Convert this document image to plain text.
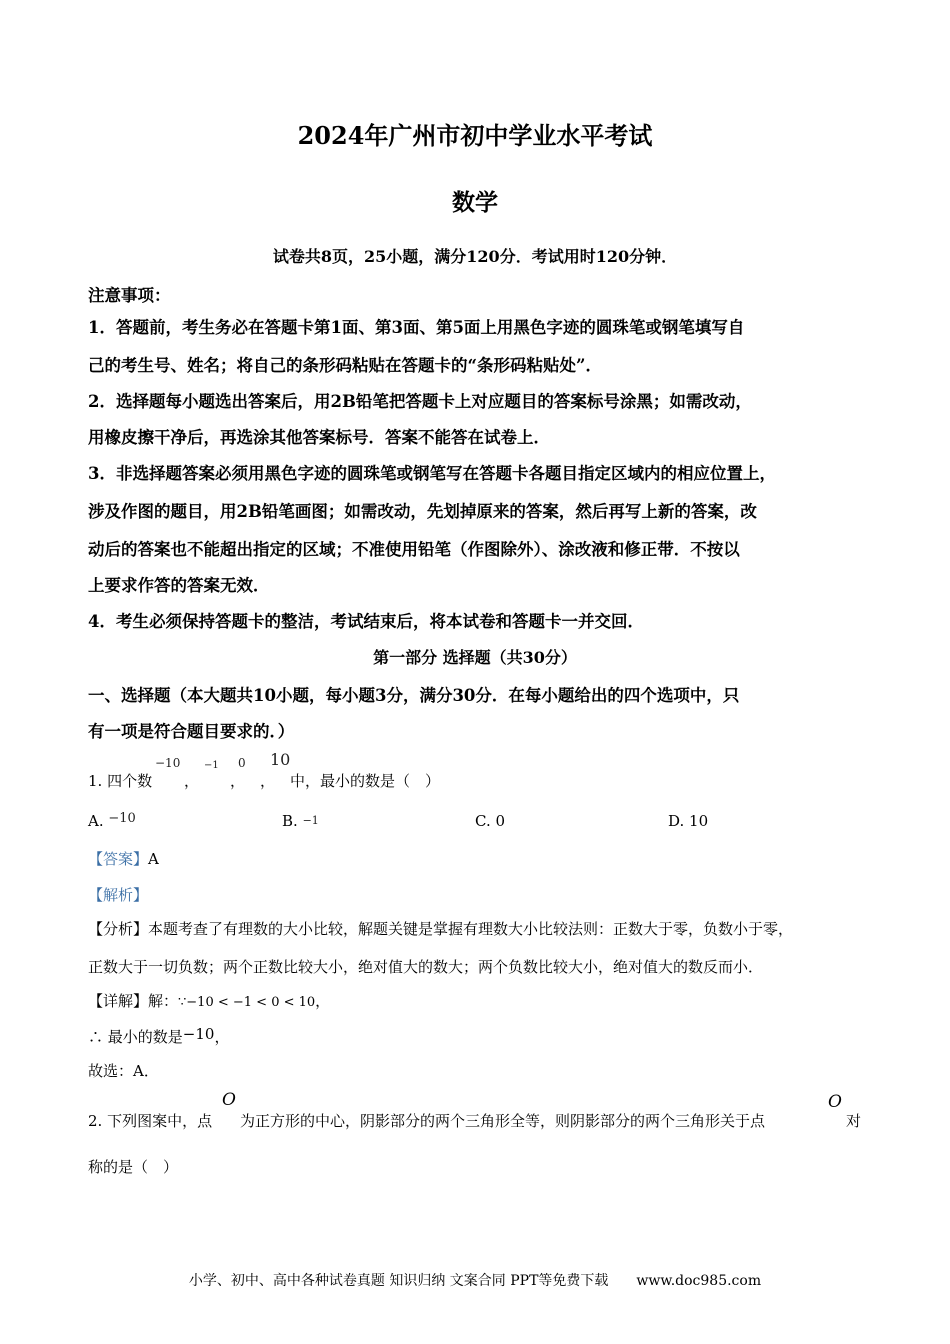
2024年广州市初中学业水平考试
数学
试卷共8页，25小题，满分120分．考试用时120分钟．
注意事项：
1．答题前，考生务必在答题卡第1面、第3面、第5面上用黑色字迹的圆珠笔或钢笔填写自
己的考生号、姓名；将自己的条形码粘贴在答题卡的“条形码粘贴处”．
2．选择题每小题选出答案后，用2B铅笔把答题卡上对应题目的答案标号涂黑；如需改动，
用橡皮擦干净后，再选涂其他答案标号．答案不能答在试卷上．
3．非选择题答案必须用黑色字迹的圆珠笔或钢笔写在答题卡各题目指定区域内的相应位置上，
涉及作图的题目，用2B铅笔画图；如需改动，先划掉原来的答案，然后再写上新的答案，改
动后的答案也不能超出指定的区域；不准使用铅笔（作图除外）、涂改液和修正带．不按以
上要求作答的答案无效．
4．考生必须保持答题卡的整洁，考试结束后，将本试卷和答题卡一并交回．
第一部分 选择题（共30分）
一、选择题（本大题共10小题，每小题3分，满分30分．在每小题给出的四个选项中，只
有一项是符合题目要求的．）
1. 四个数
−10
，
−1
，
0
，
10
中，最小的数是（　）
A. −10	B. −1	C. 0	D. 10
【答案】A
【解析】
【分析】本题考查了有理数的大小比较，解题关键是掌握有理数大小比较法则：正数大于零，负数小于零，
正数大于一切负数；两个正数比较大小，绝对值大的数大；两个负数比较大小，绝对值大的数反而小．
【详解】解：∵−10 < −1 < 0 < 10，
∴ 最小的数是−10，
故选：A．
2. 下列图案中，点
O
为正方形的中心，阴影部分的两个三角形全等，则阴影部分的两个三角形关于点
O
对
称的是（　）
小学、初中、高中各种试卷真题 知识归纳 文案合同 PPT等免费下载　　www.doc985.com
